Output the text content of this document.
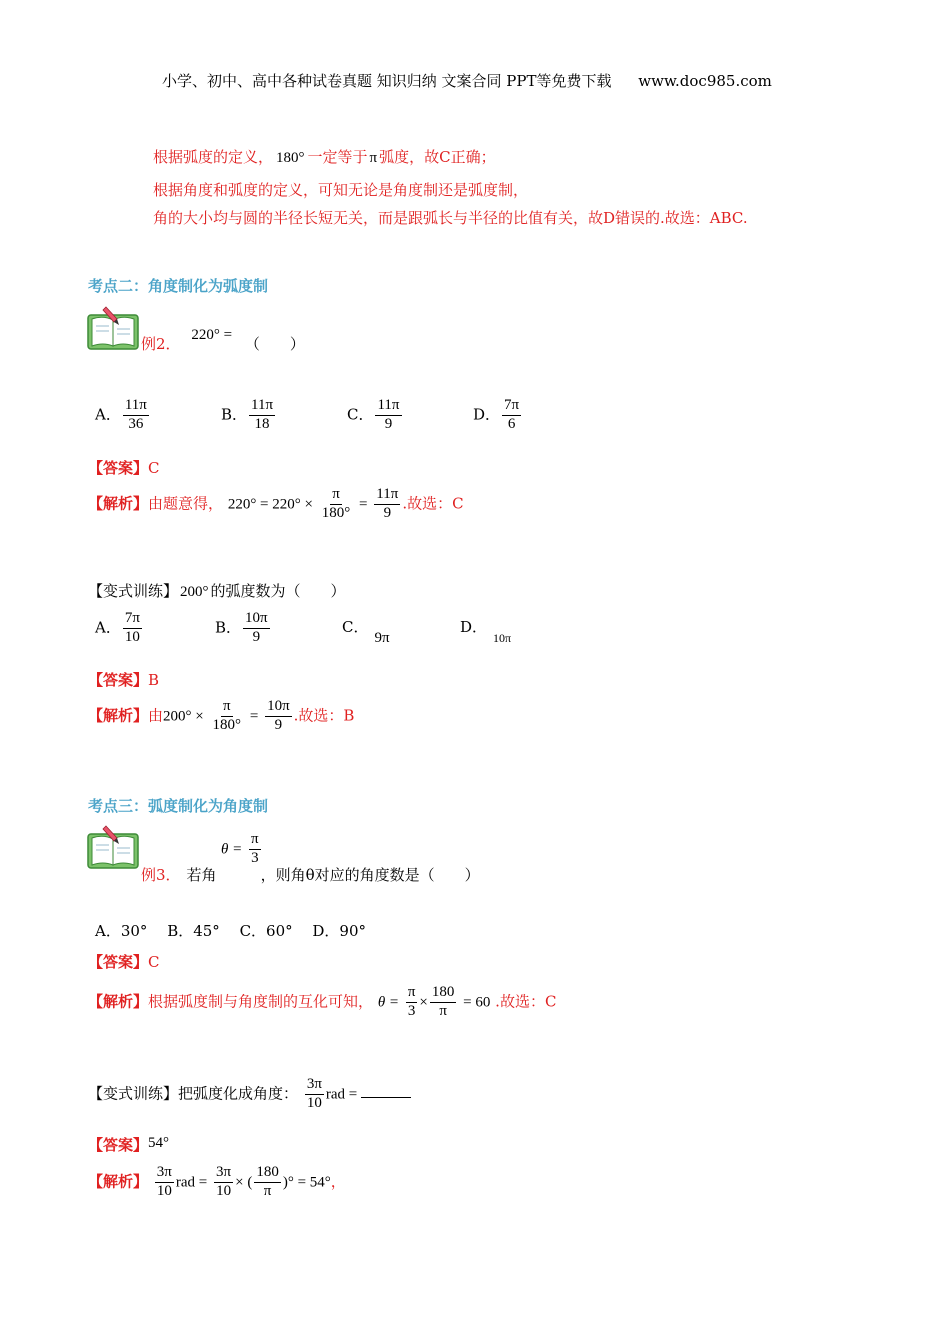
小学、初中、高中各种试卷真题 知识归纳 文案合同 PPT等免费下载 www.doc985.com
根据弧度的定义， 180° 一定等于 π 弧度，故C正确；
根据角度和弧度的定义，可知无论是角度制还是弧度制，
角的大小均与圆的半径长短无关，而是跟弧长与半径的比值有关，故D错误的.故选：ABC.
考点二：角度制化为弧度制
例2． 220° = （　　）
A． $\frac{11\pi}{36}$	B． $\frac{11\pi}{18}$	C． $\frac{11\pi}{9}$	D． $\frac{7\pi}{6}$
【答案】C
【解析】由题意得， $220^\circ = 220^\circ \times \frac{\pi}{180^\circ} = \frac{11\pi}{9}$ .故选：C
【变式训练】 200° 的弧度数为（　　）
A． $\frac{7\pi}{10}$	B． $\frac{10\pi}{9}$	C．9πD．$_{10\pi}$
【答案】B
【解析】由$200^\circ \times \frac{\pi}{180^\circ} = \frac{10\pi}{9}$ .故选：B
考点三：弧度制化为角度制
$\theta = \frac{\pi}{3}$
例3． 若角	，则角θ对应的角度数是（　　）
A．30°　 B．45°　 C．60°　 D．90°
【答案】C
【解析】根据弧度制与角度制的互化可知， $\theta = \frac{\pi}{3} \times \frac{180}{\pi} = 60$ .故选：C
【变式训练】把弧度化成角度： $\frac{3\pi}{10}$ rad =
【答案】54°
【解析】 $\frac{3\pi}{10}$ rad = $\frac{3\pi}{10}$ × ( $\frac{180}{\pi}$ )° = 54°，
